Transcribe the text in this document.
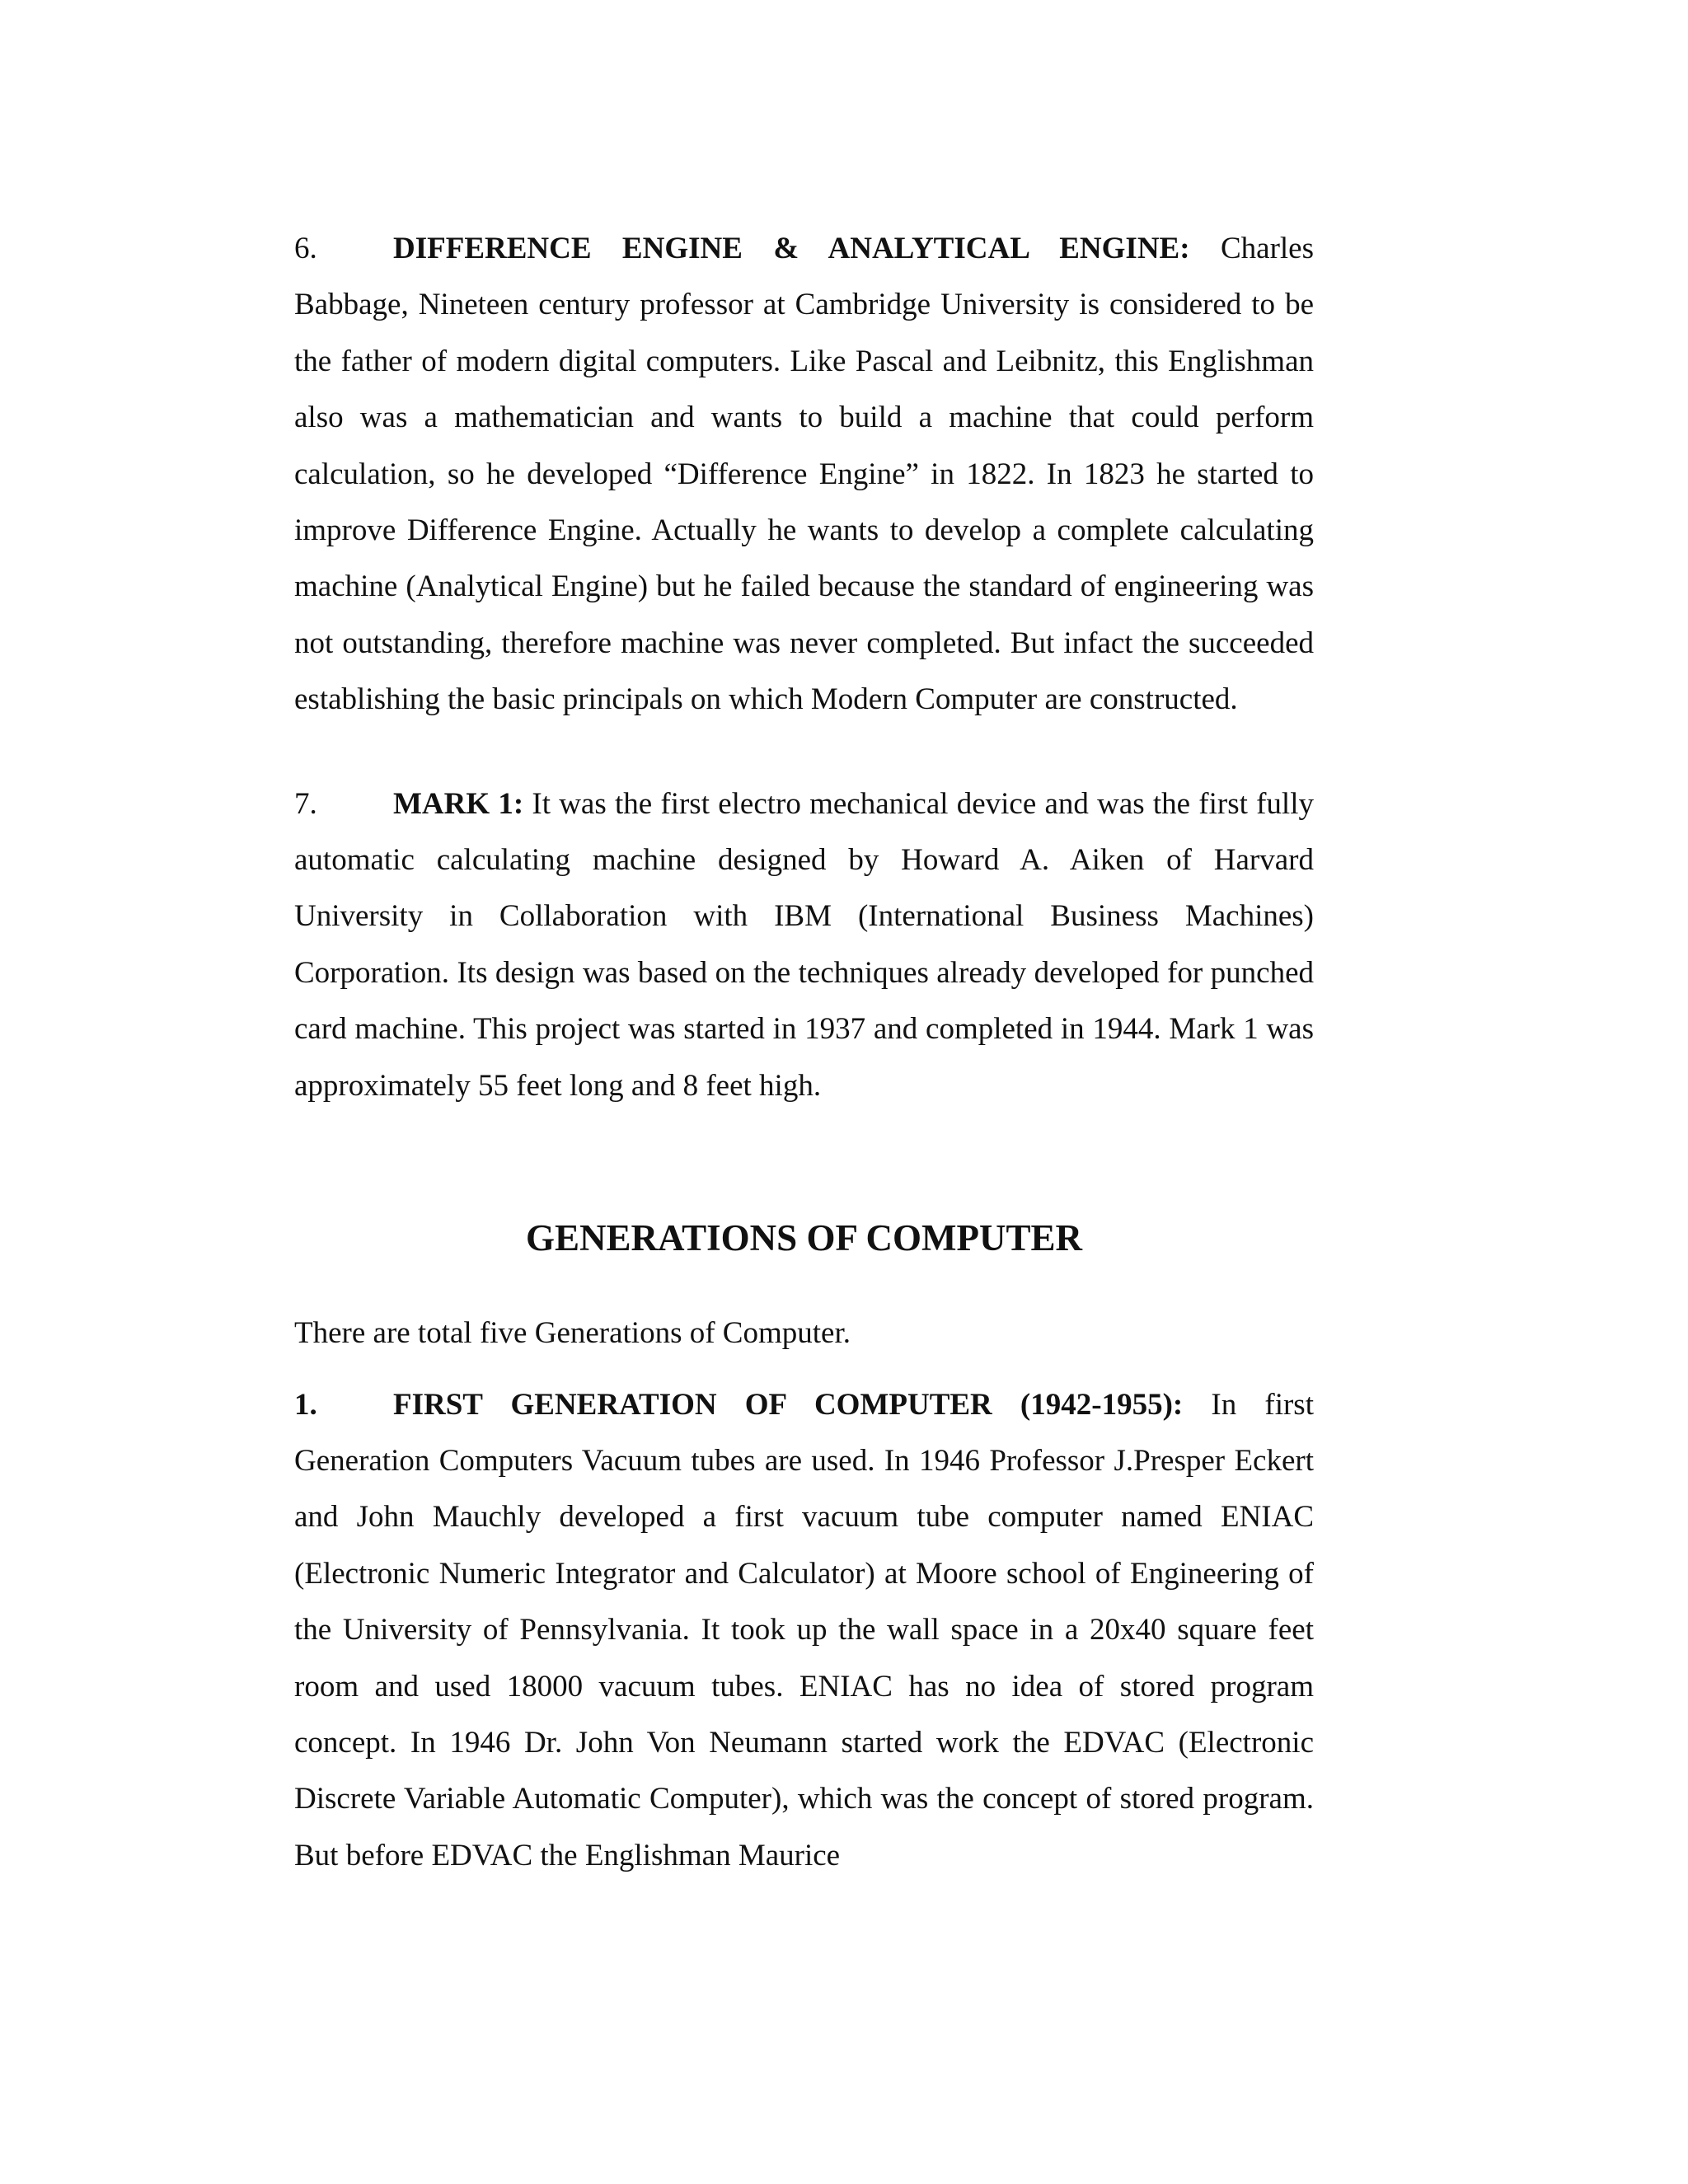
6. DIFFERENCE ENGINE & ANALYTICAL ENGINE: Charles Babbage, Nineteen century professor at Cambridge University is considered to be the father of modern digital computers. Like Pascal and Leibnitz, this Englishman also was a mathematician and wants to build a machine that could perform calculation, so he developed “Difference Engine” in 1822. In 1823 he started to improve Difference Engine. Actually he wants to develop a complete calculating machine (Analytical Engine) but he failed because the standard of engineering was not outstanding, therefore machine was never completed. But infact the succeeded establishing the basic principals on which Modern Computer are constructed.

7. MARK 1: It was the first electro mechanical device and was the first fully automatic calculating machine designed by Howard A. Aiken of Harvard University in Collaboration with IBM (International Business Machines) Corporation. Its design was based on the techniques already developed for punched card machine. This project was started in 1937 and completed in 1944. Mark 1 was approximately 55 feet long and 8 feet high.

GENERATIONS OF COMPUTER

There are total five Generations of Computer.

1. FIRST GENERATION OF COMPUTER (1942-1955): In first Generation Computers Vacuum tubes are used. In 1946 Professor J.Presper Eckert and John Mauchly developed a first vacuum tube computer named ENIAC (Electronic Numeric Integrator and Calculator) at Moore school of Engineering of the University of Pennsylvania. It took up the wall space in a 20x40 square feet room and used 18000 vacuum tubes. ENIAC has no idea of stored program concept. In 1946 Dr. John Von Neumann started work the EDVAC (Electronic Discrete Variable Automatic Computer), which was the concept of stored program. But before EDVAC the Englishman Maurice
